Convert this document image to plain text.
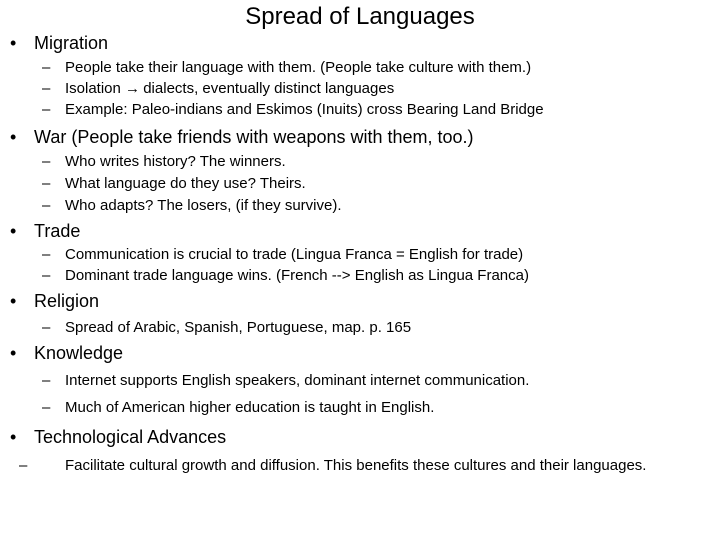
Spread of Languages
• Migration
– People take their language with them. (People take culture with them.)
– Isolation → dialects, eventually distinct languages
– Example: Paleo-indians and Eskimos (Inuits) cross Bearing Land Bridge
• War (People take friends with weapons with them, too.)
– Who writes history? The winners.
– What language do they use? Theirs.
– Who adapts? The losers, (if they survive).
• Trade
– Communication is crucial to trade (Lingua Franca = English for trade)
– Dominant trade language wins. (French --> English as Lingua Franca)
• Religion
– Spread of Arabic, Spanish, Portuguese, map. p. 165
• Knowledge
– Internet supports English speakers, dominant internet communication.
– Much of American higher education is taught in English.
• Technological Advances
–	Facilitate cultural growth and diffusion. This benefits these cultures and their languages.
